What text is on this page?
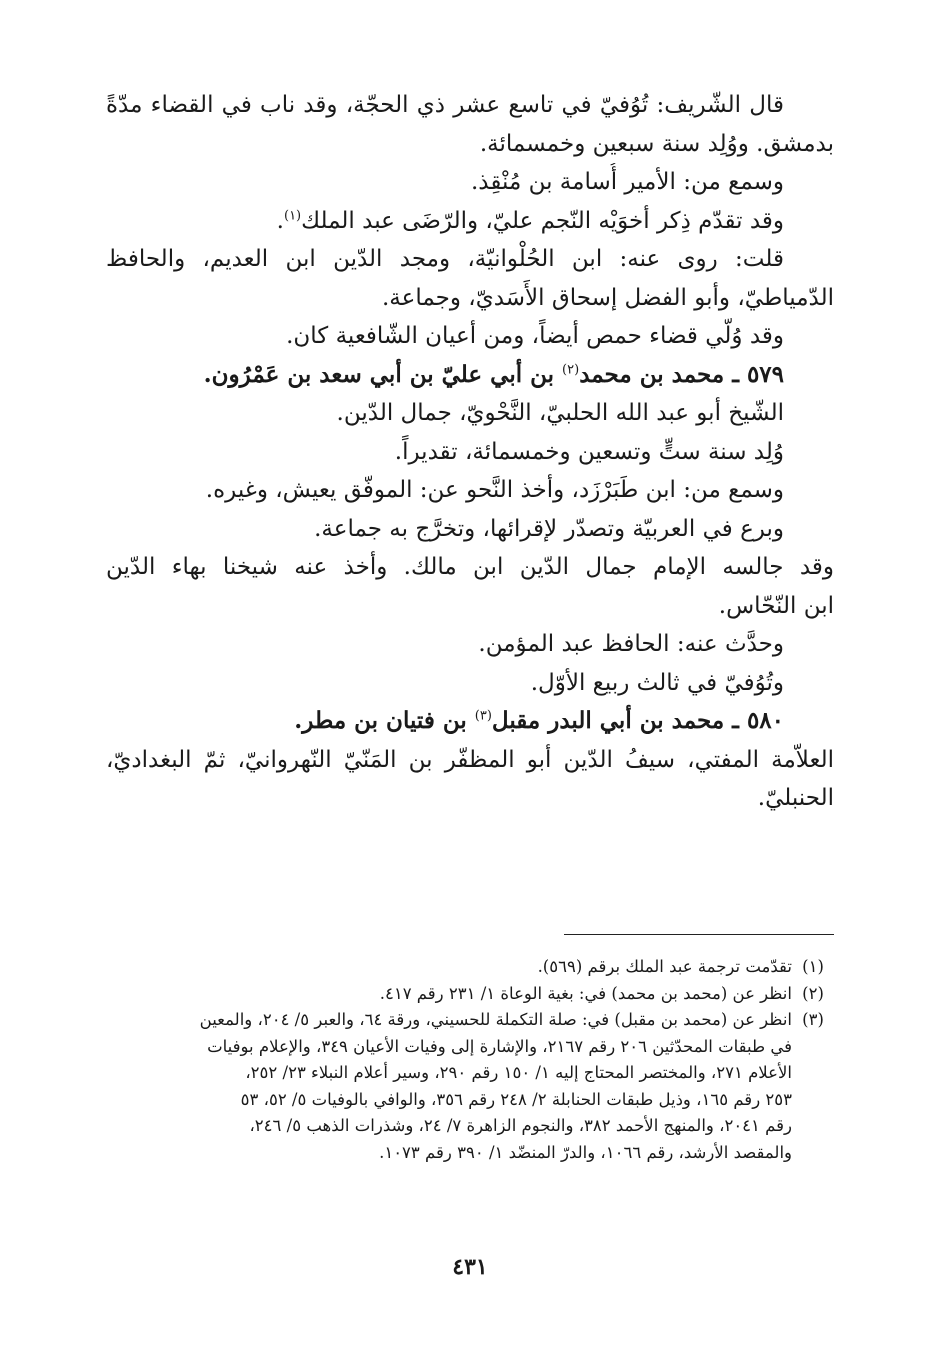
قال الشّريف: تُوُفيّ في تاسع عشر ذي الحجّة، وقد ناب في القضاء مدّةً
بدمشق. ووُلِد سنة سبعين وخمسمائة.
وسمع من: الأمير أُسامة بن مُنْقِذ.
وقد تقدّم ذِكر أخوَيْه النّجم عليّ، والرّضَى عبد الملك$^{(١)}$.
قلت: روى عنه: ابن الحُلْوانيّة، ومجد الدّين ابن العديم، والحافظ
الدّمياطيّ، وأبو الفضل إسحاق الأَسَديّ، وجماعة.
وقد وُلّي قضاء حمص أيضاً، ومن أعيان الشّافعية كان.
٥٧٩ ـ محمد بن محمد$^{(٢)}$ بن أبي عليّ بن أبي سعد بن عَمْرُون.
الشّيخ أبو عبد الله الحلبيّ، النَّحْويّ، جمال الدّين.
وُلِد سنة ستٍّ وتسعين وخمسمائة، تقديراً.
وسمع من: ابن طَبَرْزَد، وأخذ النَّحو عن: الموفّق يعيش، وغيره.
وبرع في العربيّة وتصدّر لإقرائها، وتخرَّج به جماعة.
وقد جالسه الإمام جمال الدّين ابن مالك. وأخذ عنه شيخنا بهاء الدّين
ابن النّحّاس.
وحدَّث عنه: الحافظ عبد المؤمن.
وتُوُفيّ في ثالث ربيع الأوّل.
٥٨٠ ـ محمد بن أبي البدر مقبل$^{(٣)}$ بن فتيان بن مطر.
العلاّمة المفتي، سيفُ الدّين أبو المظفّر بن المَنّيّ النّهروانيّ، ثمّ البغداديّ،
الحنبليّ.
(١)
تقدّمت ترجمة عبد الملك برقم (٥٦٩).
(٢)
انظر عن (محمد بن محمد) في: بغية الوعاة ١/ ٢٣١ رقم ٤١٧.
(٣)
انظر عن (محمد بن مقبل) في: صلة التكملة للحسيني، ورقة ٦٤، والعبر ٥/ ٢٠٤، والمعين
في طبقات المحدّثين ٢٠٦ رقم ٢١٦٧، والإشارة إلى وفيات الأعيان ٣٤٩، والإعلام بوفيات
الأعلام ٢٧١، والمختصر المحتاج إليه ١/ ١٥٠ رقم ٢٩٠، وسير أعلام النبلاء ٢٣/ ٢٥٢،
٢٥٣ رقم ١٦٥، وذيل طبقات الحنابلة ٢/ ٢٤٨ رقم ٣٥٦، والوافي بالوفيات ٥/ ٥٢، ٥٣
رقم ٢٠٤١، والمنهج الأحمد ٣٨٢، والنجوم الزاهرة ٧/ ٢٤، وشذرات الذهب ٥/ ٢٤٦،
والمقصد الأرشد، رقم ١٠٦٦، والدرّ المنضّد ١/ ٣٩٠ رقم ١٠٧٣.
٤٣١
